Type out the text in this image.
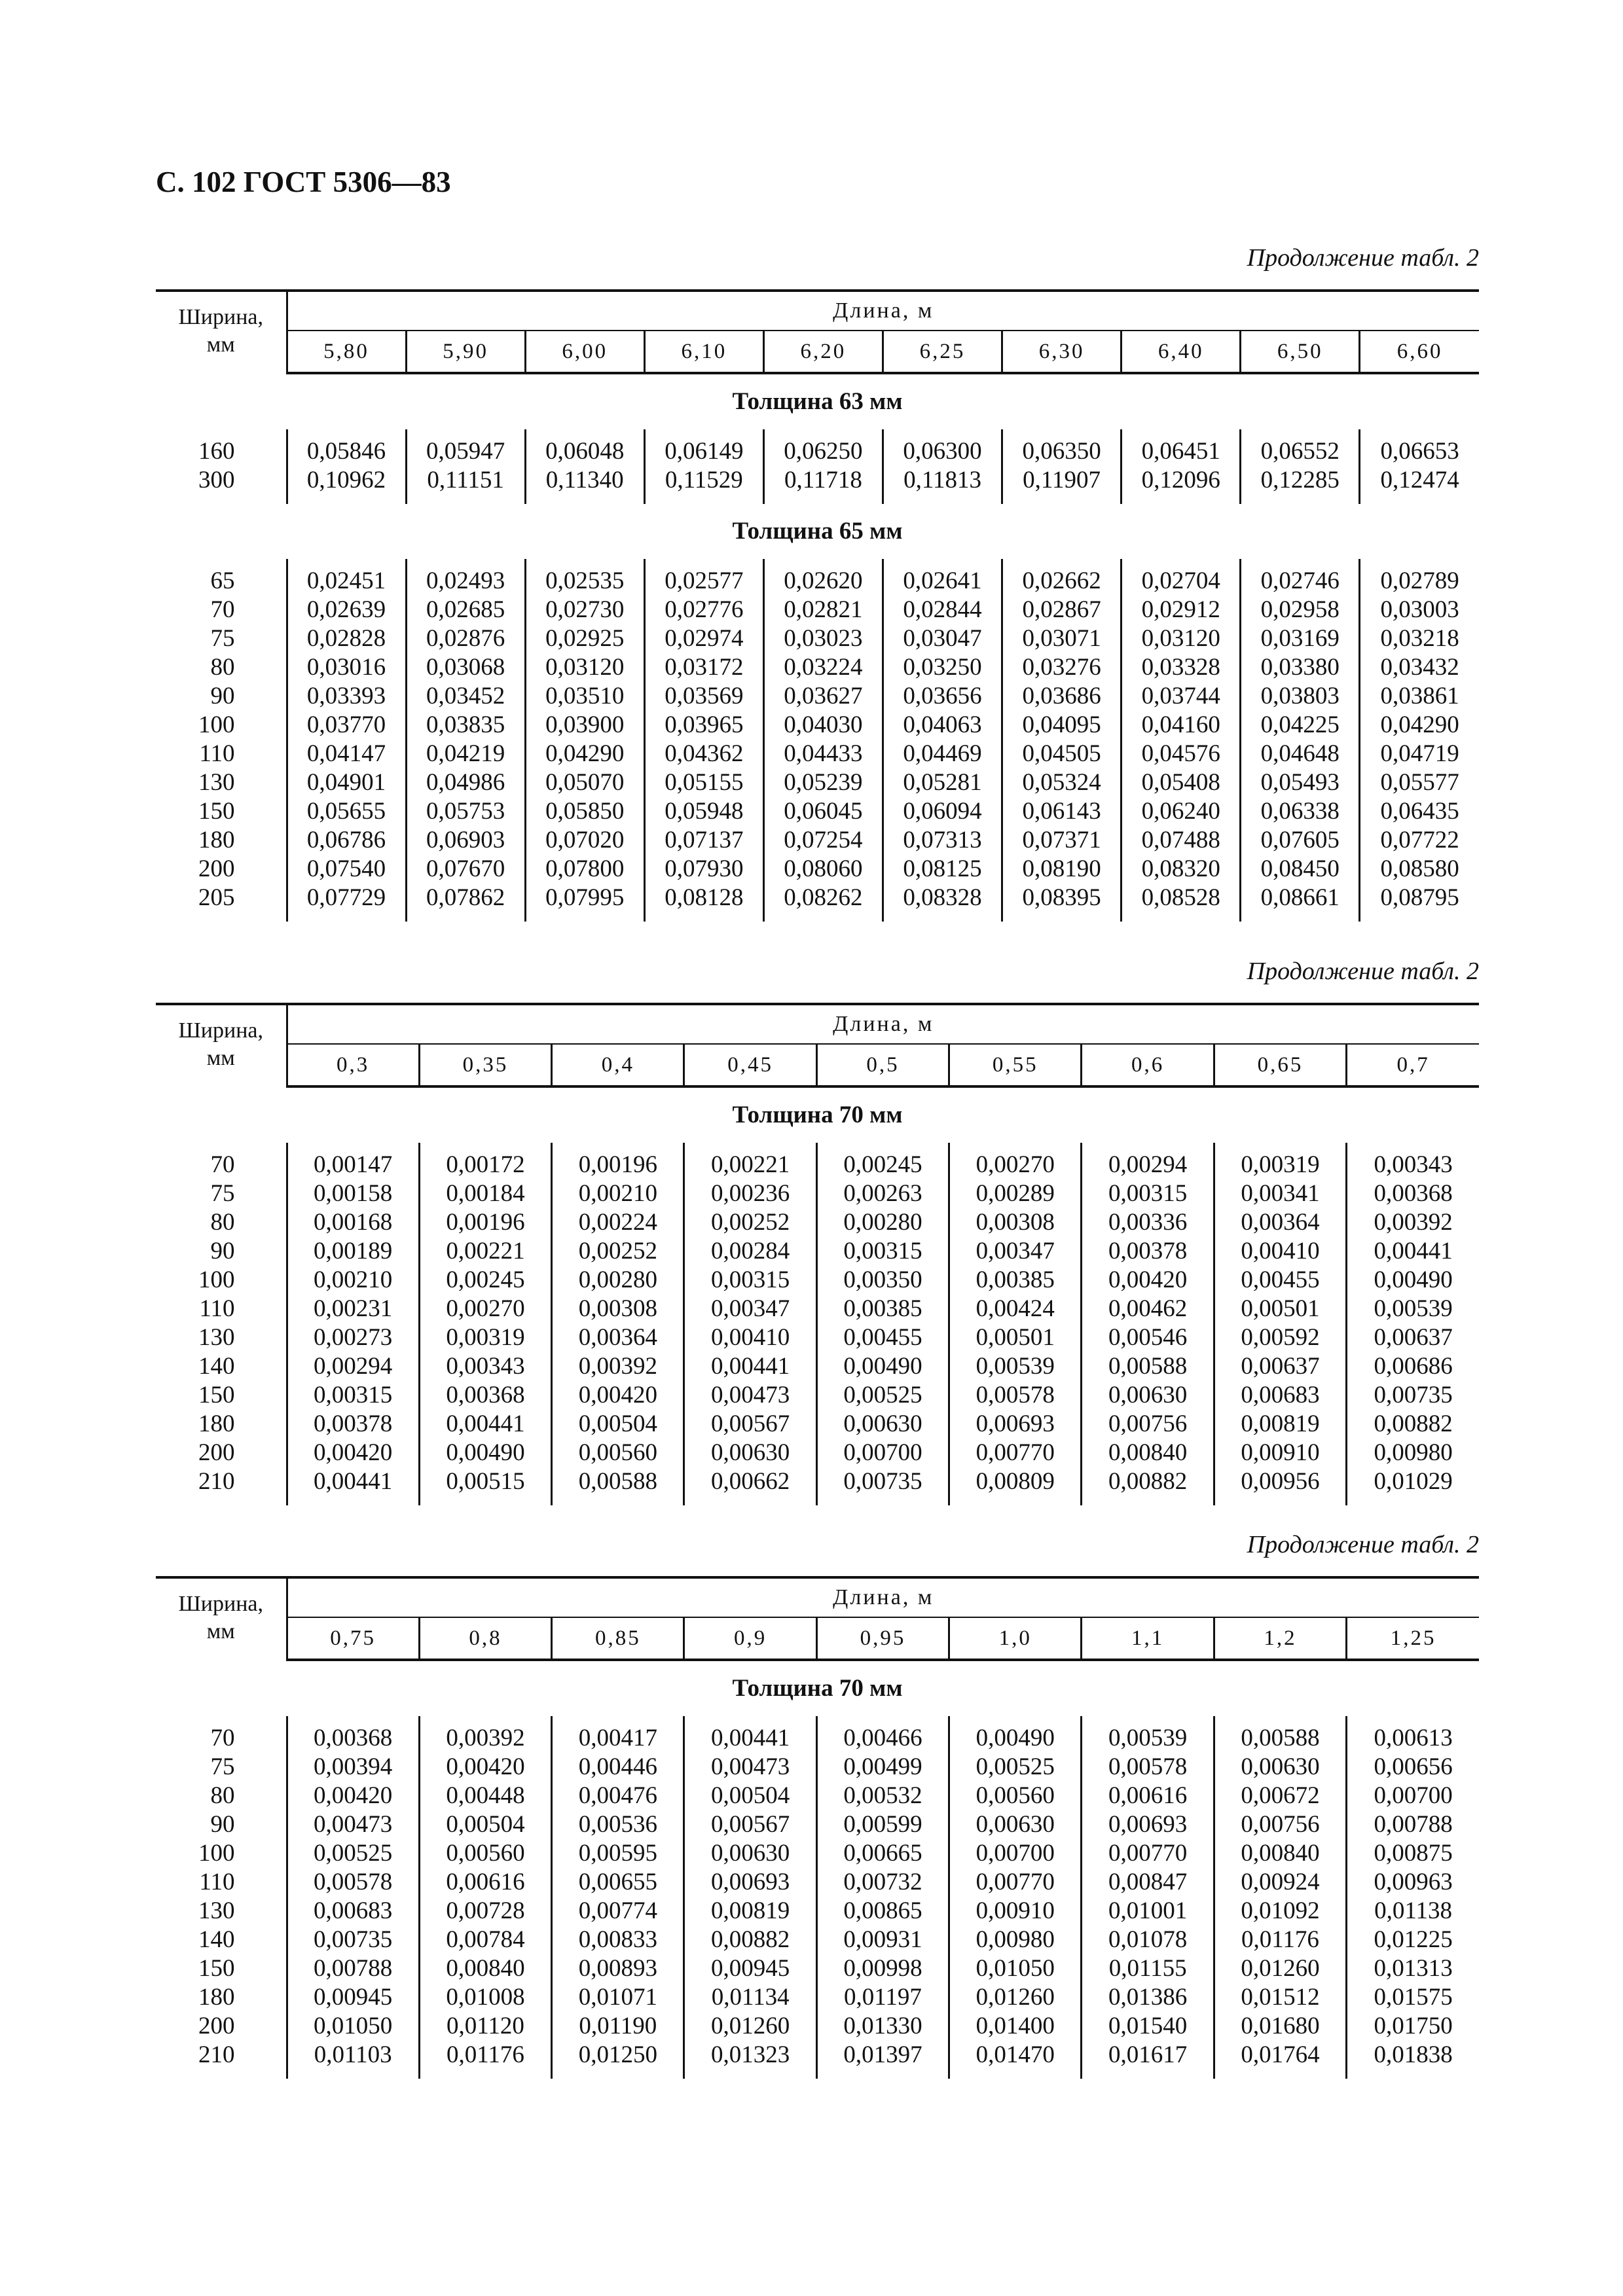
С. 102 ГОСТ 5306—83
Продолжение табл. 2
Ширина,
мм	Длина, м									
	5,80	5,90	6,00	6,10	6,20	6,25	6,30	6,40	6,50	6,60
Толщина 63 мм										

160	0,05846	0,05947	0,06048	0,06149	0,06250	0,06300	0,06350	0,06451	0,06552	0,06653
300	0,10962	0,11151	0,11340	0,11529	0,11718	0,11813	0,11907	0,12096	0,12285	0,12474

Толщина 65 мм										

65	0,02451	0,02493	0,02535	0,02577	0,02620	0,02641	0,02662	0,02704	0,02746	0,02789
70	0,02639	0,02685	0,02730	0,02776	0,02821	0,02844	0,02867	0,02912	0,02958	0,03003
75	0,02828	0,02876	0,02925	0,02974	0,03023	0,03047	0,03071	0,03120	0,03169	0,03218
80	0,03016	0,03068	0,03120	0,03172	0,03224	0,03250	0,03276	0,03328	0,03380	0,03432
90	0,03393	0,03452	0,03510	0,03569	0,03627	0,03656	0,03686	0,03744	0,03803	0,03861
100	0,03770	0,03835	0,03900	0,03965	0,04030	0,04063	0,04095	0,04160	0,04225	0,04290
110	0,04147	0,04219	0,04290	0,04362	0,04433	0,04469	0,04505	0,04576	0,04648	0,04719
130	0,04901	0,04986	0,05070	0,05155	0,05239	0,05281	0,05324	0,05408	0,05493	0,05577
150	0,05655	0,05753	0,05850	0,05948	0,06045	0,06094	0,06143	0,06240	0,06338	0,06435
180	0,06786	0,06903	0,07020	0,07137	0,07254	0,07313	0,07371	0,07488	0,07605	0,07722
200	0,07540	0,07670	0,07800	0,07930	0,08060	0,08125	0,08190	0,08320	0,08450	0,08580
205	0,07729	0,07862	0,07995	0,08128	0,08262	0,08328	0,08395	0,08528	0,08661	0,08795

Продолжение табл. 2
Ширина,
мм	Длина, м								
	0,3	0,35	0,4	0,45	0,5	0,55	0,6	0,65	0,7
Толщина 70 мм									

70	0,00147	0,00172	0,00196	0,00221	0,00245	0,00270	0,00294	0,00319	0,00343
75	0,00158	0,00184	0,00210	0,00236	0,00263	0,00289	0,00315	0,00341	0,00368
80	0,00168	0,00196	0,00224	0,00252	0,00280	0,00308	0,00336	0,00364	0,00392
90	0,00189	0,00221	0,00252	0,00284	0,00315	0,00347	0,00378	0,00410	0,00441
100	0,00210	0,00245	0,00280	0,00315	0,00350	0,00385	0,00420	0,00455	0,00490
110	0,00231	0,00270	0,00308	0,00347	0,00385	0,00424	0,00462	0,00501	0,00539
130	0,00273	0,00319	0,00364	0,00410	0,00455	0,00501	0,00546	0,00592	0,00637
140	0,00294	0,00343	0,00392	0,00441	0,00490	0,00539	0,00588	0,00637	0,00686
150	0,00315	0,00368	0,00420	0,00473	0,00525	0,00578	0,00630	0,00683	0,00735
180	0,00378	0,00441	0,00504	0,00567	0,00630	0,00693	0,00756	0,00819	0,00882
200	0,00420	0,00490	0,00560	0,00630	0,00700	0,00770	0,00840	0,00910	0,00980
210	0,00441	0,00515	0,00588	0,00662	0,00735	0,00809	0,00882	0,00956	0,01029

Продолжение табл. 2
Ширина,
мм	Длина, м								
	0,75	0,8	0,85	0,9	0,95	1,0	1,1	1,2	1,25
Толщина 70 мм									

70	0,00368	0,00392	0,00417	0,00441	0,00466	0,00490	0,00539	0,00588	0,00613
75	0,00394	0,00420	0,00446	0,00473	0,00499	0,00525	0,00578	0,00630	0,00656
80	0,00420	0,00448	0,00476	0,00504	0,00532	0,00560	0,00616	0,00672	0,00700
90	0,00473	0,00504	0,00536	0,00567	0,00599	0,00630	0,00693	0,00756	0,00788
100	0,00525	0,00560	0,00595	0,00630	0,00665	0,00700	0,00770	0,00840	0,00875
110	0,00578	0,00616	0,00655	0,00693	0,00732	0,00770	0,00847	0,00924	0,00963
130	0,00683	0,00728	0,00774	0,00819	0,00865	0,00910	0,01001	0,01092	0,01138
140	0,00735	0,00784	0,00833	0,00882	0,00931	0,00980	0,01078	0,01176	0,01225
150	0,00788	0,00840	0,00893	0,00945	0,00998	0,01050	0,01155	0,01260	0,01313
180	0,00945	0,01008	0,01071	0,01134	0,01197	0,01260	0,01386	0,01512	0,01575
200	0,01050	0,01120	0,01190	0,01260	0,01330	0,01400	0,01540	0,01680	0,01750
210	0,01103	0,01176	0,01250	0,01323	0,01397	0,01470	0,01617	0,01764	0,01838
